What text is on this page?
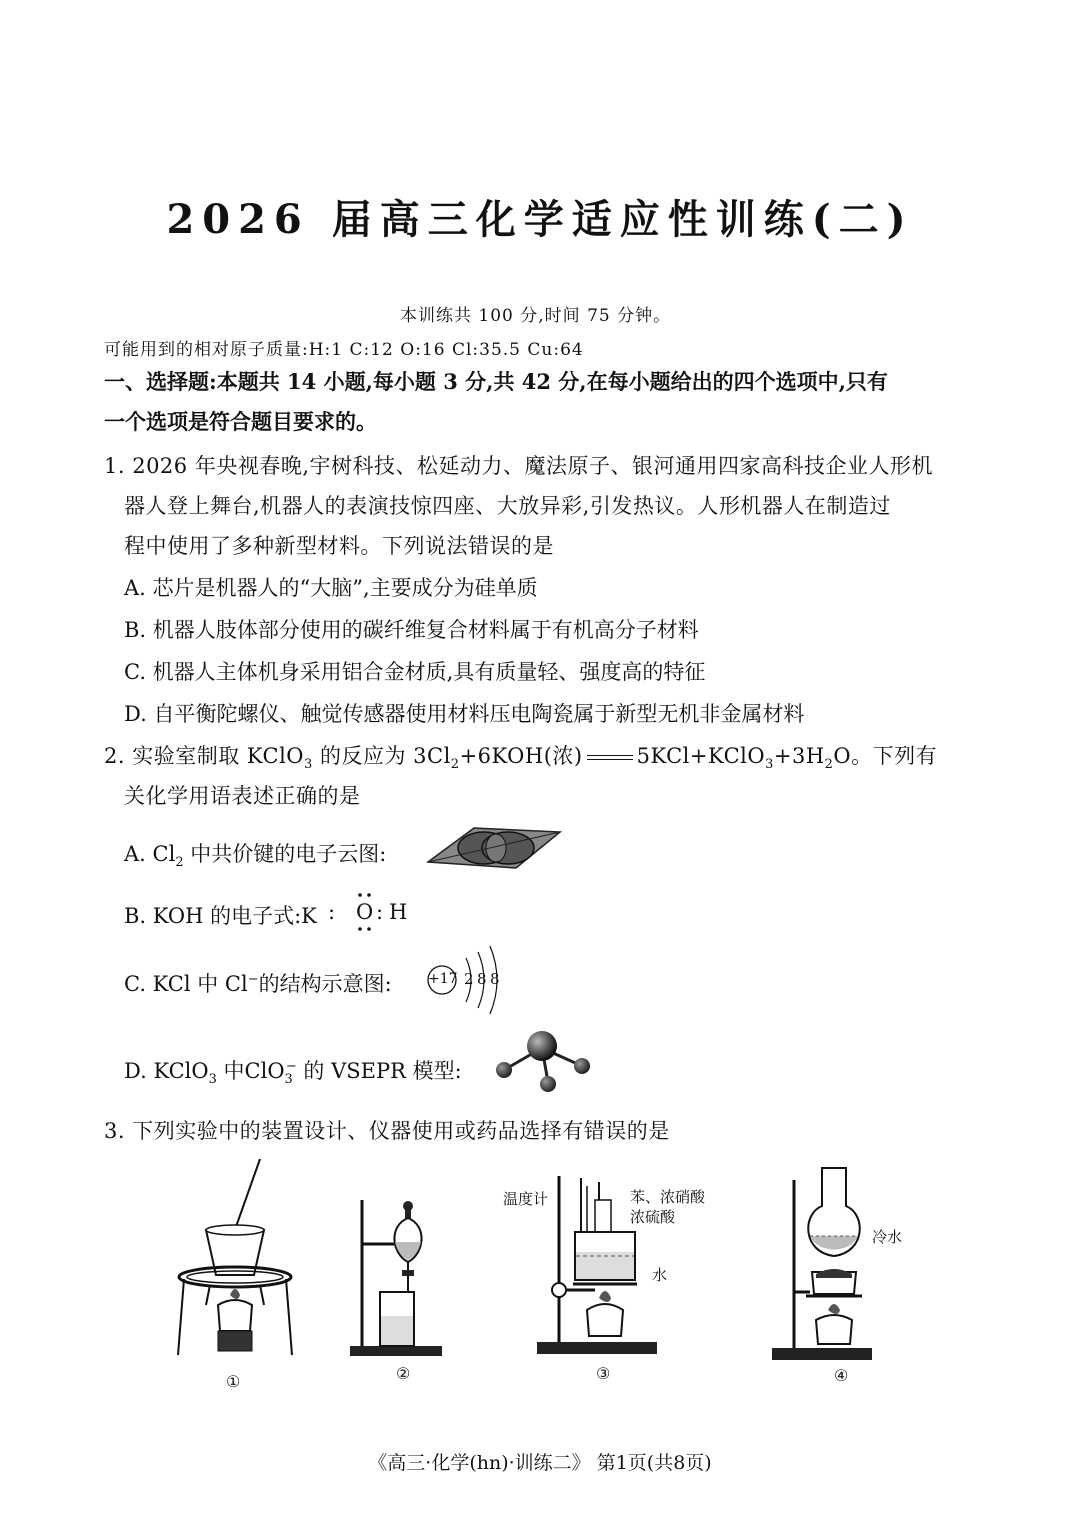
2026 届高三化学适应性训练(二)
本训练共 100 分,时间 75 分钟。
可能用到的相对原子质量:H:1 C:12 O:16 Cl:35.5 Cu:64
一、选择题:本题共 14 小题,每小题 3 分,共 42 分,在每小题给出的四个选项中,只有
一个选项是符合题目要求的。
1. 2026 年央视春晚,宇树科技、松延动力、魔法原子、银河通用四家高科技企业人形机
器人登上舞台,机器人的表演技惊四座、大放异彩,引发热议。人形机器人在制造过
程中使用了多种新型材料。下列说法错误的是
A. 芯片是机器人的“大脑”,主要成分为硅单质
B. 机器人肢体部分使用的碳纤维复合材料属于有机高分子材料
C. 机器人主体机身采用铝合金材质,具有质量轻、强度高的特征
D. 自平衡陀螺仪、触觉传感器使用材料压电陶瓷属于新型无机非金属材料
2. 实验室制取 KClO$_3$ 的反应为 $3Cl_2+6KOH$(浓)	$5KCl+KClO_3+3H_2O$。下列有
关化学用语表述正确的是
A. $Cl_2$ 中共价键的电子云图:
B. KOH 的电子式:K : O : H
C. KCl 中 Cl−的结构示意图:	+17 2 8 8
D. KClO$_3$ 中ClO$_3$− 的 VSEPR 模型:
3. 下列实验中的装置设计、仪器使用或药品选择有错误的是
①	②
温度计	苯、浓硝酸
浓硫酸
水
③
冷水
④
《高三·化学(hn)·训练二》 第1页(共8页)
